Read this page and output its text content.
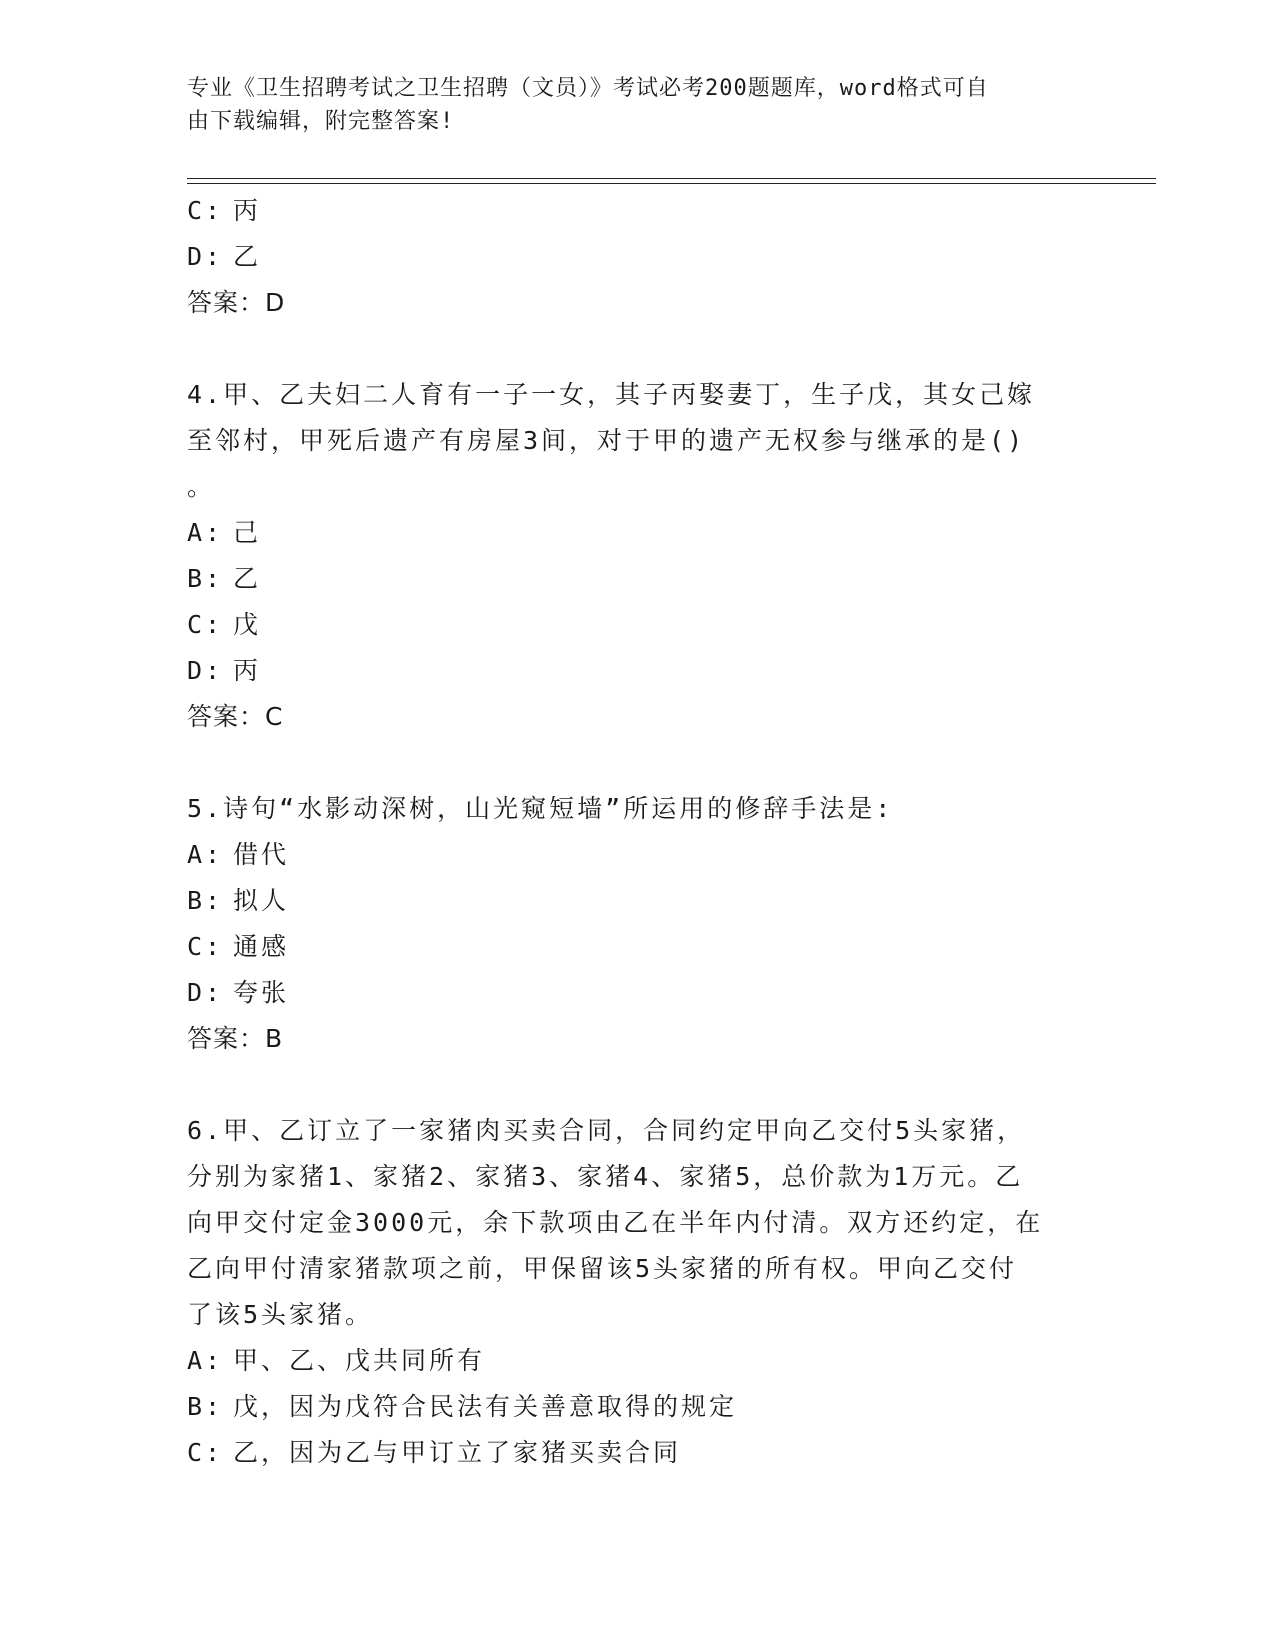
专业《卫生招聘考试之卫生招聘（文员）》考试必考200题题库，word格式可自
由下载编辑，附完整答案!
C: 丙
D: 乙
答案：D
4.甲、乙夫妇二人育有一子一女，其子丙娶妻丁，生子戊，其女己嫁
至邻村，甲死后遗产有房屋3间，对于甲的遗产无权参与继承的是()
。
A: 己
B: 乙
C: 戊
D: 丙
答案：C
5.诗句“水影动深树，山光窥短墙”所运用的修辞手法是:
A: 借代
B: 拟人
C: 通感
D: 夸张
答案：B
6.甲、乙订立了一家猪肉买卖合同，合同约定甲向乙交付5头家猪，
分别为家猪1、家猪2、家猪3、家猪4、家猪5，总价款为1万元。乙
向甲交付定金3000元，余下款项由乙在半年内付清。双方还约定，在
乙向甲付清家猪款项之前，甲保留该5头家猪的所有权。甲向乙交付
了该5头家猪。
A: 甲、乙、戊共同所有
B: 戊，因为戊符合民法有关善意取得的规定
C: 乙，因为乙与甲订立了家猪买卖合同
